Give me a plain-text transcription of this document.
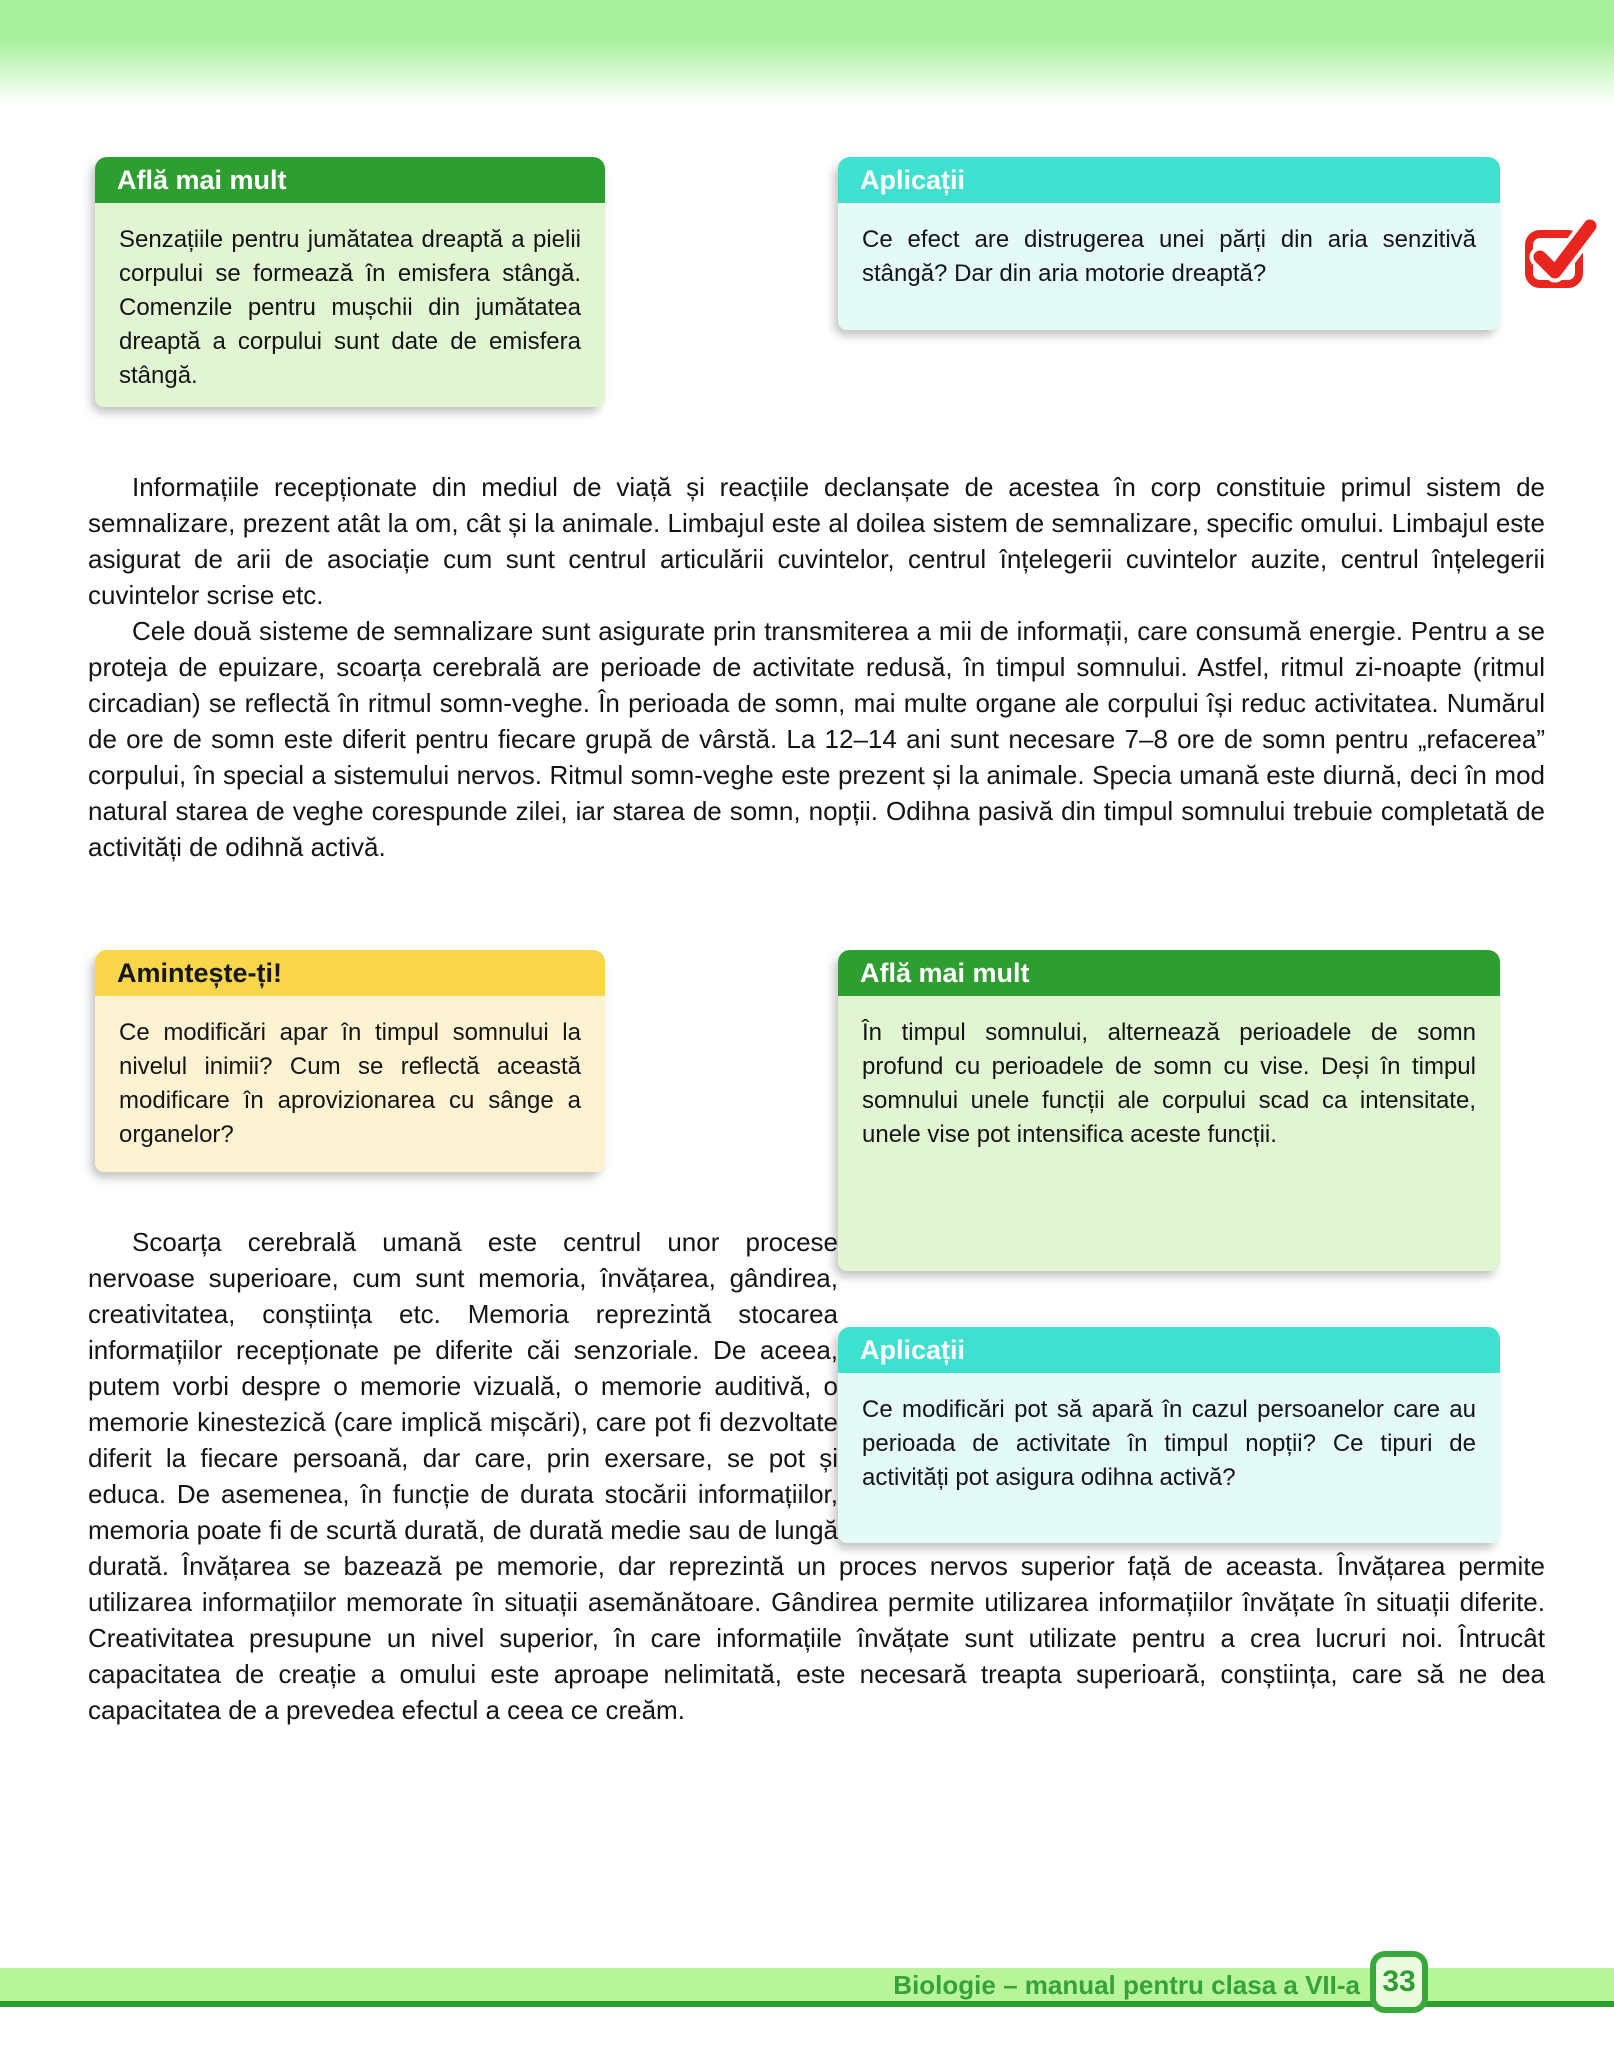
Află mai mult
Senzațiile pentru jumătatea dreaptă a pielii corpului se formează în emisfera stângă. Comenzile pentru mușchii din jumătatea dreaptă a corpului sunt date de emisfera stângă.
Aplicații
Ce efect are distrugerea unei părți din aria senzitivă stângă? Dar din aria motorie dreaptă?

Informațiile recepționate din mediul de viață și reacțiile declanșate de acestea în corp constituie primul sistem de semnalizare, prezent atât la om, cât și la animale. Limbajul este al doilea sistem de semnalizare, specific omului. Limbajul este asigurat de arii de asociație cum sunt centrul articulării cuvintelor, centrul înțelegerii cuvintelor auzite, centrul înțelegerii cuvintelor scrise etc.

Cele două sisteme de semnalizare sunt asigurate prin transmiterea a mii de informații, care consumă energie. Pentru a se proteja de epuizare, scoarța cerebrală are perioade de activitate redusă, în timpul somnului. Astfel, ritmul zi-noapte (ritmul circadian) se reflectă în ritmul somn-veghe. În perioada de somn, mai multe organe ale corpului își reduc activitatea. Numărul de ore de somn este diferit pentru fiecare grupă de vârstă. La 12–14 ani sunt necesare 7–8 ore de somn pentru „refacerea” corpului, în special a sistemului nervos. Ritmul somn-veghe este prezent și la animale. Specia umană este diurnă, deci în mod natural starea de veghe corespunde zilei, iar starea de somn, nopții. Odihna pasivă din timpul somnului trebuie completată de activități de odihnă activă.

Află mai mult
În timpul somnului, alternează perioadele de somn profund cu perioadele de somn cu vise. Deși în timpul somnului unele funcții ale corpului scad ca intensitate, unele vise pot intensifica aceste funcții.
Aplicații
Ce modificări pot să apară în cazul persoanelor care au perioada de activitate în timpul nopții? Ce tipuri de activități pot asigura odihna activă?
Amintește-ți!
Ce modificări apar în timpul somnului la nivelul inimii? Cum se reflectă această modificare în aprovizionarea cu sânge a organelor?

Scoarța cerebrală umană este centrul unor procese nervoase superioare, cum sunt memoria, învățarea, gândirea, creativitatea, conștiința etc. Memoria reprezintă stocarea informațiilor recepționate pe diferite căi senzoriale. De aceea, putem vorbi despre o memorie vizuală, o memorie auditivă, o memorie kinestezică (care implică mișcări), care pot fi dezvoltate diferit la fiecare persoană, dar care, prin exersare, se pot și educa. De asemenea, în funcție de durata stocării informațiilor, memoria poate fi de scurtă durată, de durată medie sau de lungă durată. Învățarea se bazează pe memorie, dar reprezintă un proces nervos superior față de aceasta. Învățarea permite utilizarea informațiilor memorate în situații asemănătoare. Gândirea permite utilizarea informațiilor învățate în situații diferite. Creativitatea presupune un nivel superior, în care informațiile învățate sunt utilizate pentru a crea lucruri noi. Întrucât capacitatea de creație a omului este aproape nelimitată, este necesară treapta superioară, conștiința, care să ne dea capacitatea de a prevedea efectul a ceea ce creăm.

Biologie – manual pentru clasa a VII-a 33
